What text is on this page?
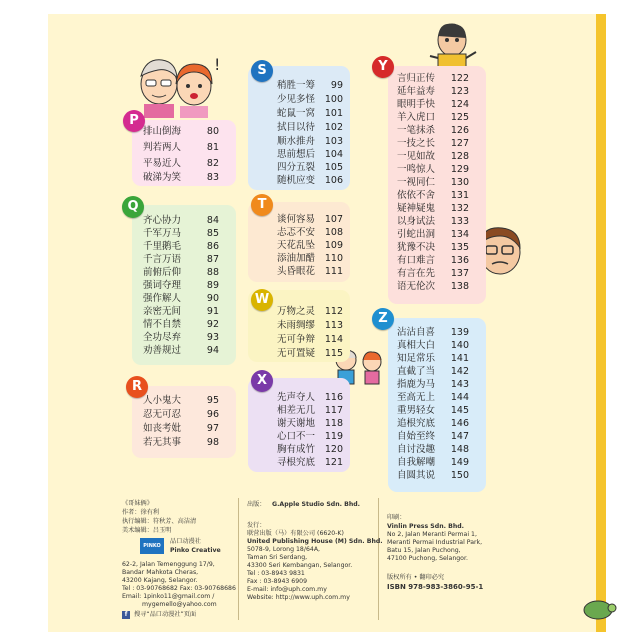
!
P
排山倒海	80
判若两人	81
平易近人	82
破涕为笑	83
Q
齐心协力	84
千军万马	85
千里鹅毛	86
千言万语	87
前俯后仰	88
强词夺理	89
强作解人	90
亲密无间	91
情不自禁	92
全功尽弃	93
劝善规过	94
R
人小鬼大	95
忍无可忍	96
如丧考妣	97
若无其事	98
S
稍胜一筹 99
少见多怪 100
蛇鼠一窝 101
拭目以待 102
顺水推舟 103
思前想后 104
四分五裂 105
随机应变 106
T
谈何容易 107
忐忑不安 108
天花乱坠 109
添油加醋 110
头昏眼花 111
W
万物之灵 112
未雨绸缪 113
无可争辩 114
无可置疑 115
X
先声夺人 116
相差无几 117
谢天谢地 118
心口不一 119
胸有成竹 120
寻根究底 121
Y
言归正传 122
延年益寿 123
眼明手快 124
羊入虎口 125
一笔抹杀 126
一技之长 127
一见如故 128
一鸣惊人 129
一视同仁 130
依依不舍 131
疑神疑鬼 132
以身试法 133
引蛇出洞 134
犹豫不决 135
有口难言 136
有言在先 137
语无伦次 138
Z
沾沾自喜 139
真相大白 140
知足常乐 141
直截了当 142
指鹿为马 143
至高无上 144
重男轻女 145
追根究底 146
自始至终 147
自讨没趣 148
自我解嘲 149
自圆其说 150
《哥妹俩》
作者：徐有利
执行编辑：符秋芳、高洁清
美术编辑：吕玉明
PINKO
品口动漫社
Pinko Creative
62-2, Jalan Temenggung 17/9,
Bandar Mahkota Cheras,
43200 Kajang, Selangor.
Tel : 03-90768682 Fax: 03-90768686
Email: 1pinko11@gmail.com /
mygemello@yahoo.com
f	搜寻“品口动漫社”页面
出版： G.Apple Studio Sdn. Bhd.
发行：
联营出版（马）有限公司 (6620-K)
United Publishing House (M) Sdn. Bhd.
5078-9, Lorong 18/64A,
Taman Sri Serdang,
43300 Seri Kembangan, Selangor.
Tel : 03-8943 9831
Fax : 03-8943 6909
E-mail: info@uph.com.my
Website: http://www.uph.com.my
印刷：
Vinlin Press Sdn. Bhd.
No 2, Jalan Meranti Permai 1,
Meranti Permai Industrial Park,
Batu 15, Jalan Puchong,
47100 Puchong, Selangor.
版权所有 • 翻印必究
ISBN 978-983-3860-95-1
